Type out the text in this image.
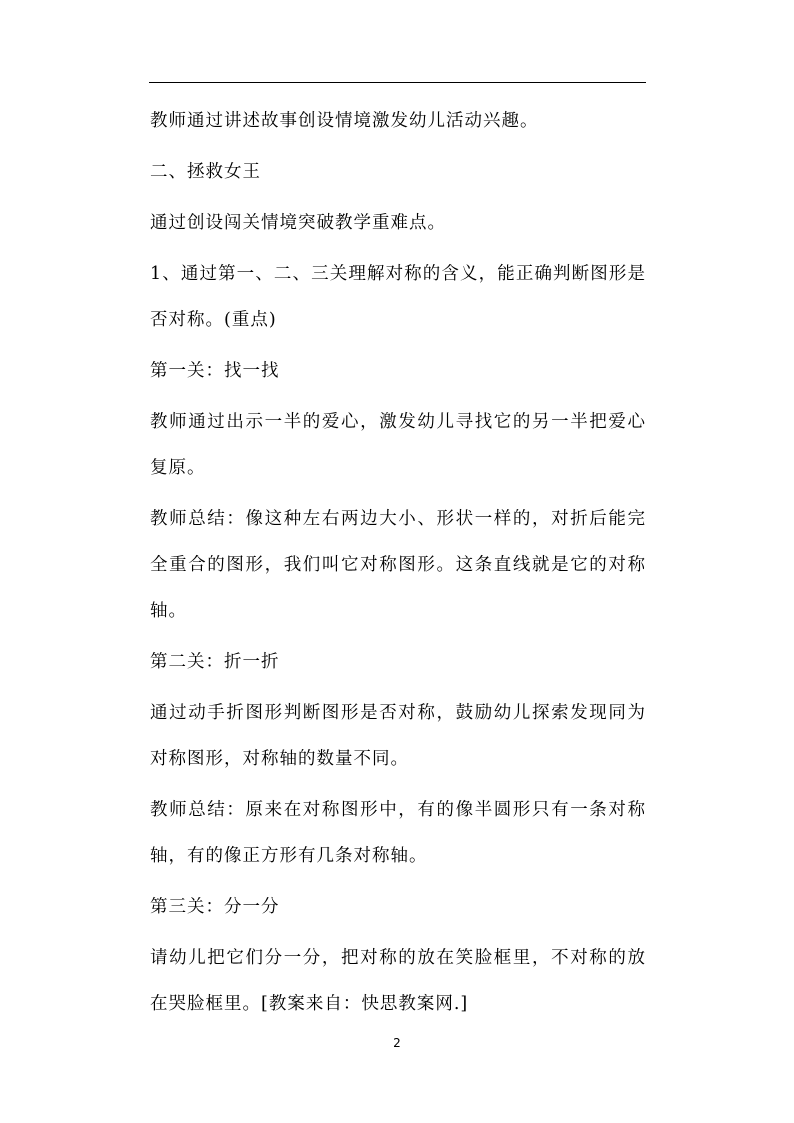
教师通过讲述故事创设情境激发幼儿活动兴趣。

二、拯救女王

通过创设闯关情境突破教学重难点。

1、通过第一、二、三关理解对称的含义，能正确判断图形是否对称。(重点)

第一关：找一找

教师通过出示一半的爱心，激发幼儿寻找它的另一半把爱心复原。

教师总结：像这种左右两边大小、形状一样的，对折后能完全重合的图形，我们叫它对称图形。这条直线就是它的对称轴。

第二关：折一折

通过动手折图形判断图形是否对称，鼓励幼儿探索发现同为对称图形，对称轴的数量不同。

教师总结：原来在对称图形中，有的像半圆形只有一条对称轴，有的像正方形有几条对称轴。

第三关：分一分

请幼儿把它们分一分，把对称的放在笑脸框里，不对称的放在哭脸框里。[教案来自：快思教案网.]

2
